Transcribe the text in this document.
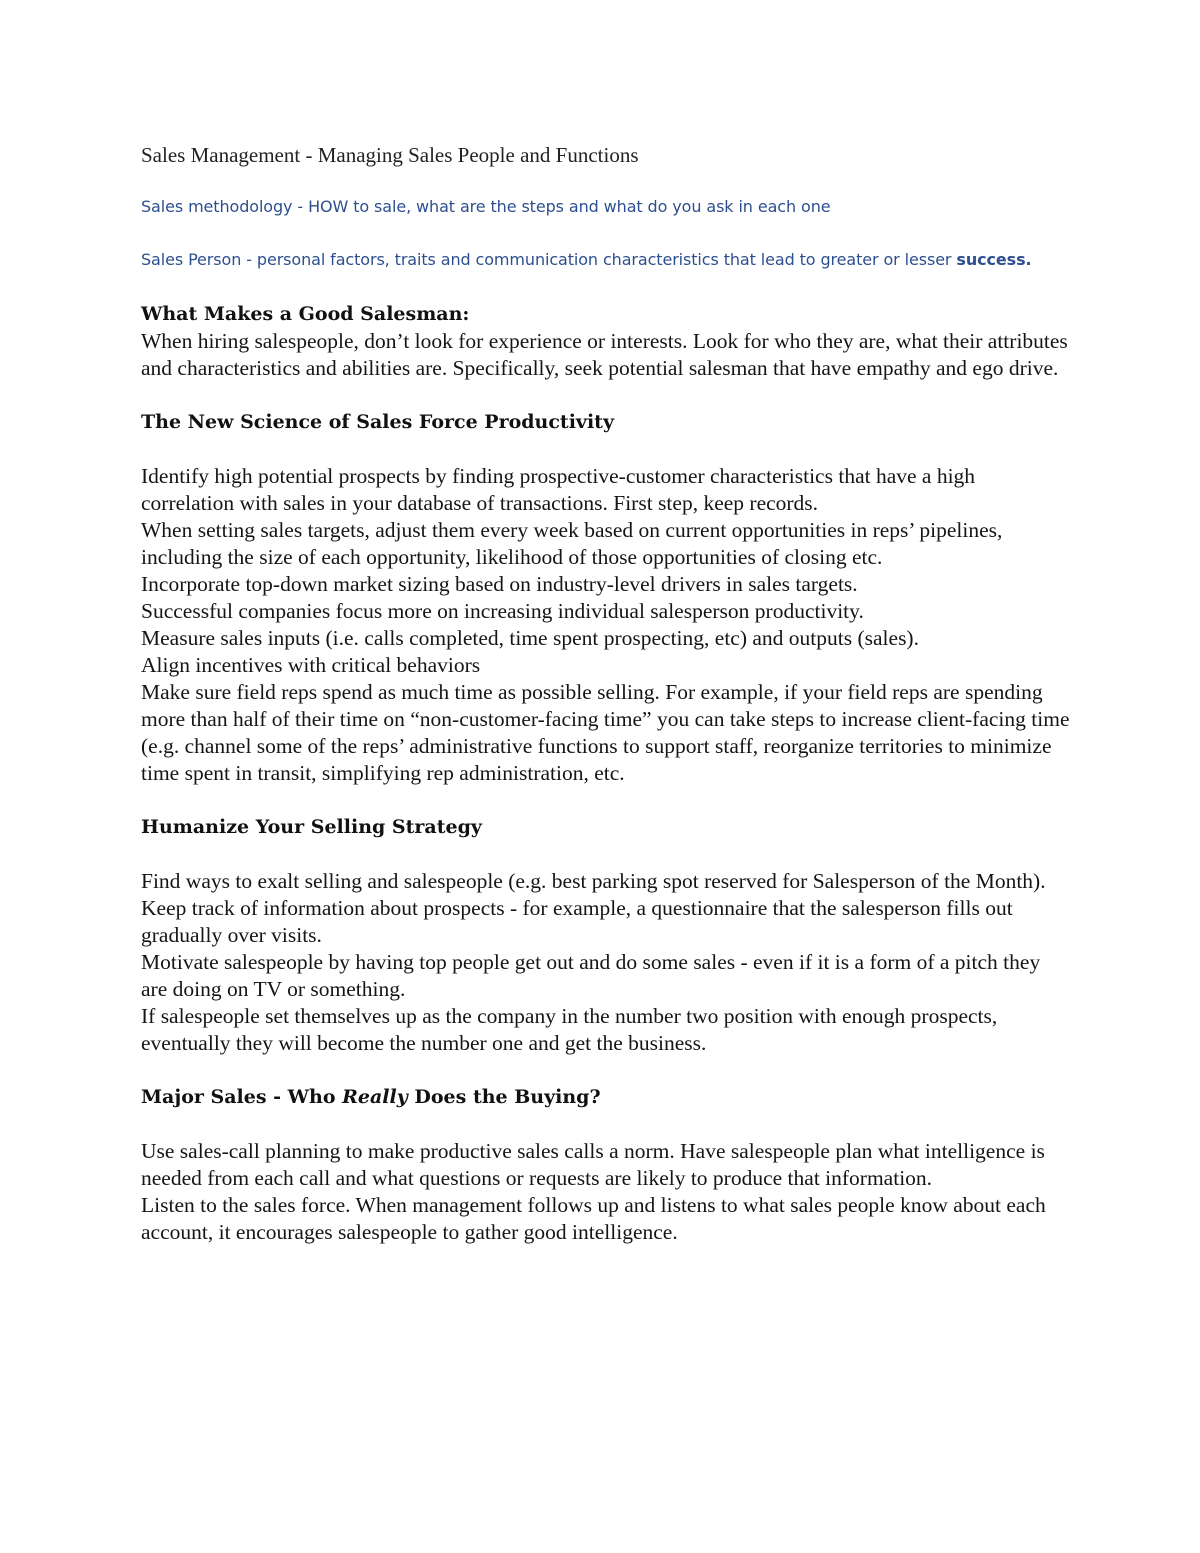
Sales Management - Managing Sales People and Functions

Sales methodology - HOW to sale, what are the steps and what do you ask in each one

Sales Person - personal factors, traits and communication characteristics that lead to greater or lesser success.

What Makes a Good Salesman:

When hiring salespeople, don’t look for experience or interests. Look for who they are, what their attributes and characteristics and abilities are. Specifically, seek potential salesman that have empathy and ego drive.

The New Science of Sales Force Productivity

Identify high potential prospects by finding prospective-customer characteristics that have a high correlation with sales in your database of transactions. First step, keep records.

When setting sales targets, adjust them every week based on current opportunities in reps’ pipelines, including the size of each opportunity, likelihood of those opportunities of closing etc.

Incorporate top-down market sizing based on industry-level drivers in sales targets.

Successful companies focus more on increasing individual salesperson productivity.

Measure sales inputs (i.e. calls completed, time spent prospecting, etc) and outputs (sales).

Align incentives with critical behaviors

Make sure field reps spend as much time as possible selling. For example, if your field reps are spending more than half of their time on “non-customer-facing time” you can take steps to increase client-facing time (e.g. channel some of the reps’ administrative functions to support staff, reorganize territories to minimize time spent in transit, simplifying rep administration, etc.

Humanize Your Selling Strategy

Find ways to exalt selling and salespeople (e.g. best parking spot reserved for Salesperson of the Month).

Keep track of information about prospects - for example, a questionnaire that the salesperson fills out gradually over visits.

Motivate salespeople by having top people get out and do some sales - even if it is a form of a pitch they are doing on TV or something.

If salespeople set themselves up as the company in the number two position with enough prospects, eventually they will become the number one and get the business.

Major Sales - Who Really Does the Buying?

Use sales-call planning to make productive sales calls a norm. Have salespeople plan what intelligence is needed from each call and what questions or requests are likely to produce that information.

Listen to the sales force. When management follows up and listens to what sales people know about each account, it encourages salespeople to gather good intelligence.
